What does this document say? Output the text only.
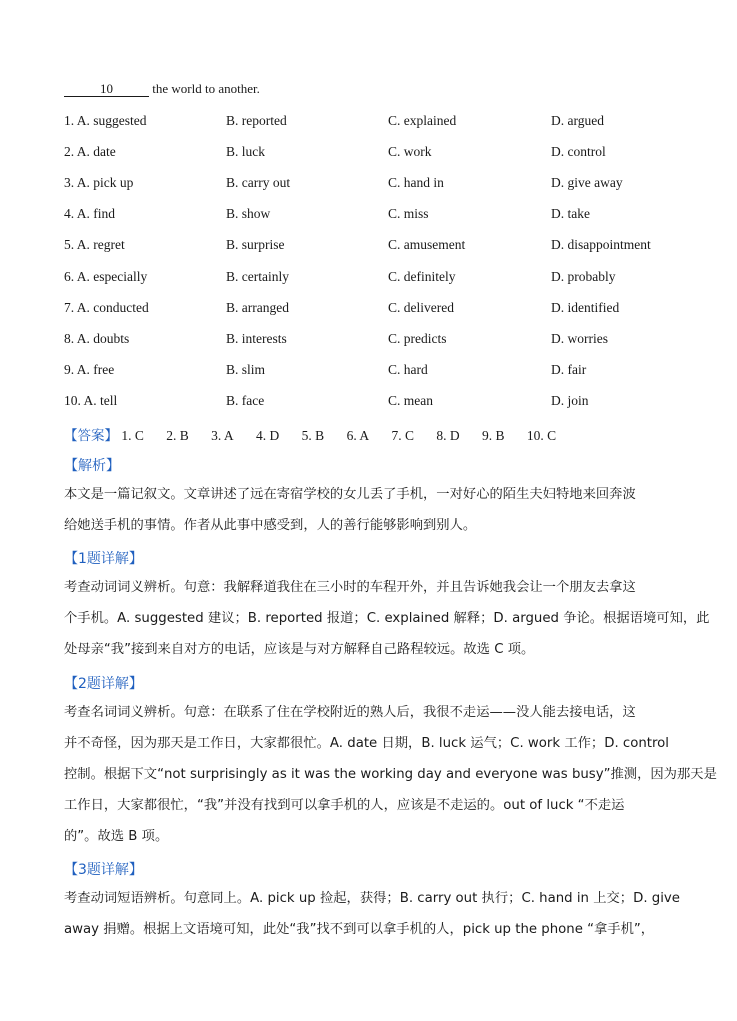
10	the world to another.
1. A. suggested	B. reported	C. explained	D. argued
2. A. date	B. luck	C. work	D. control
3. A. pick up	B. carry out	C. hand in	D. give away
4. A. find	B. show	C. miss	D. take
5. A. regret	B. surprise	C. amusement	D. disappointment
6. A. especially	B. certainly	C. definitely	D. probably
7. A. conducted	B. arranged	C. delivered	D. identified
8. A. doubts	B. interests	C. predicts	D. worries
9. A. free	B. slim	C. hard	D. fair
10. A. tell	B. face	C. mean	D. join
【答案】 1. C 2. B 3. A 4. D 5. B 6. A 7. C 8. D 9. B 10. C
【解析】
本文是一篇记叙文。文章讲述了远在寄宿学校的女儿丢了手机，一对好心的陌生夫妇特地来回奔波
给她送手机的事情。作者从此事中感受到，人的善行能够影响到别人。
【1题详解】
考查动词词义辨析。句意：我解释道我住在三小时的车程开外，并且告诉她我会让一个朋友去拿这
个手机。A. suggested 建议；B. reported 报道；C. explained 解释；D. argued 争论。根据语境可知，此
处母亲“我”接到来自对方的电话，应该是与对方解释自己路程较远。故选 C 项。
【2题详解】
考查名词词义辨析。句意：在联系了住在学校附近的熟人后，我很不走运——没人能去接电话，这
并不奇怪，因为那天是工作日，大家都很忙。A. date 日期，B. luck 运气；C. work 工作；D. control
控制。根据下文“not surprisingly as it was the working day and everyone was busy”推测，因为那天是
工作日，大家都很忙，“我”并没有找到可以拿手机的人，应该是不走运的。out of luck “不走运
的”。故选 B 项。
【3题详解】
考查动词短语辨析。句意同上。A. pick up 捡起，获得；B. carry out 执行；C. hand in 上交；D. give
away 捐赠。根据上文语境可知，此处“我”找不到可以拿手机的人，pick up the phone “拿手机”，
